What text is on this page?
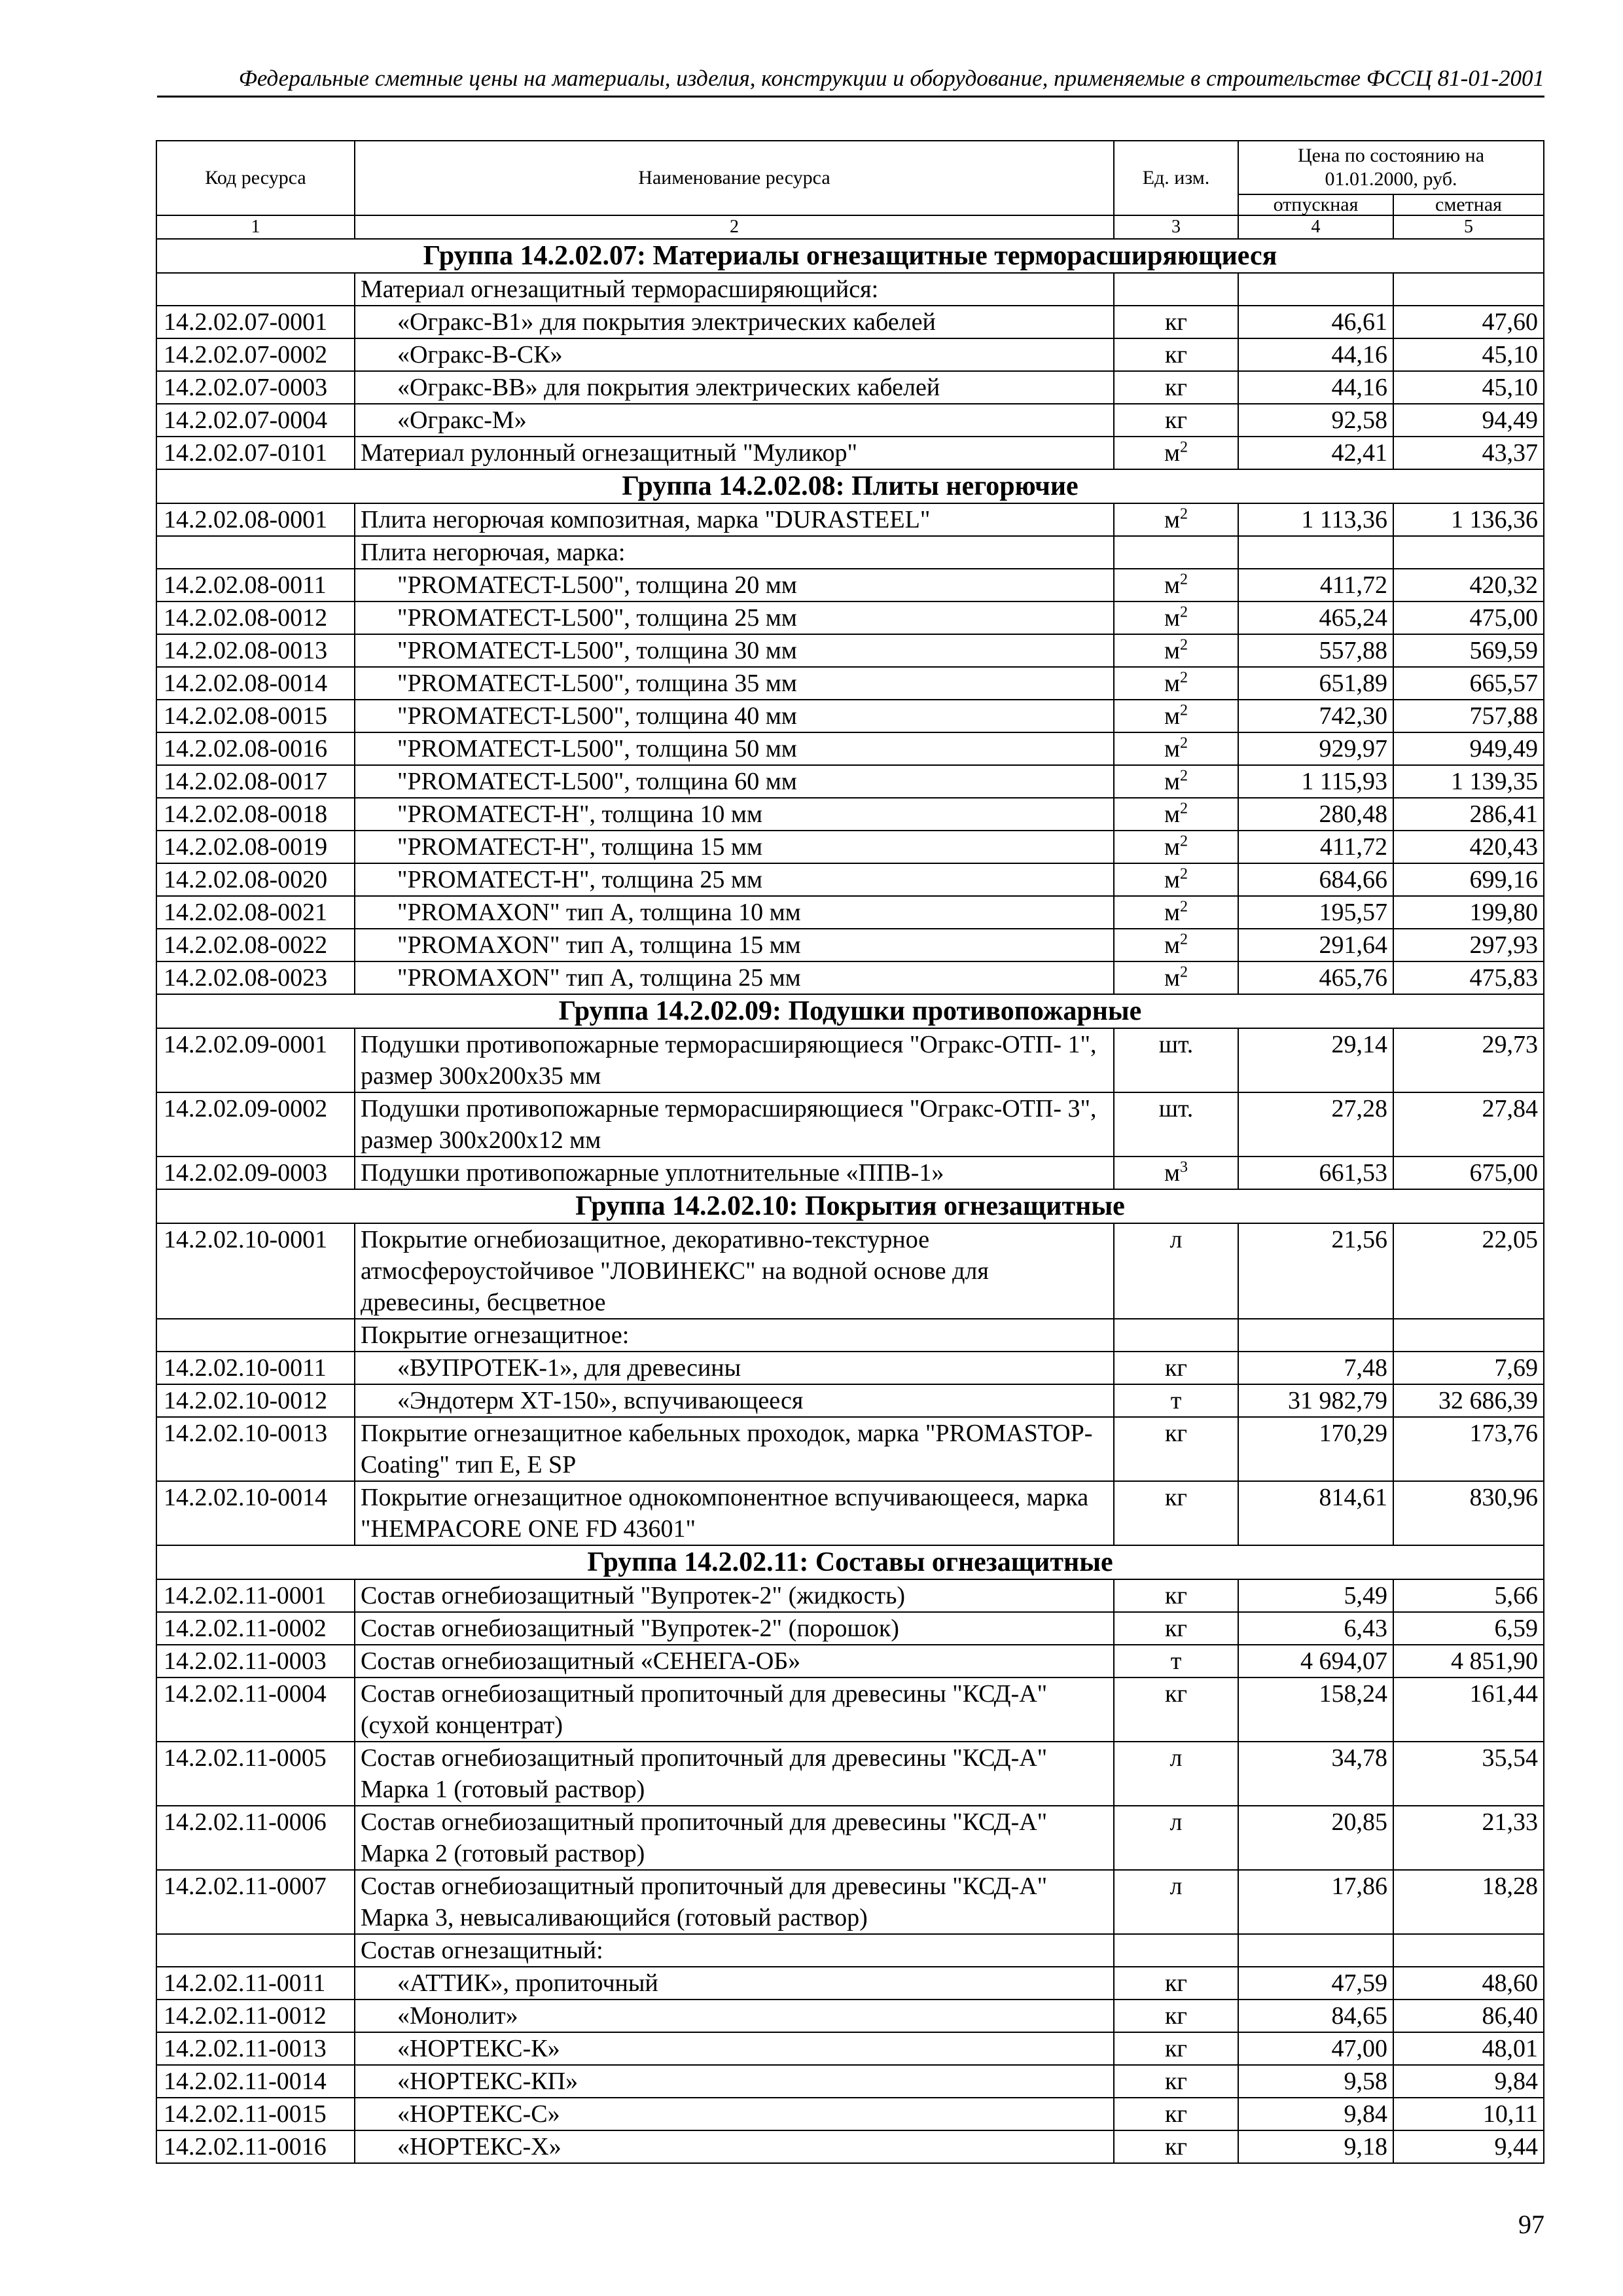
Федеральные сметные цены на материалы, изделия, конструкции и оборудование, применяемые в строительстве ФССЦ 81-01-2001
Код ресурса	Наименование ресурса	Ед. изм.	Цена по состоянию на 01.01.2000, руб.	
			отпускная	сметная
1	2	3	4	5
Группа 14.2.02.07: Материалы огнезащитные терморасширяющиеся				
	Материал огнезащитный терморасширяющийся:			
14.2.02.07-0001	«Огракс-В1» для покрытия электрических кабелей	кг	46,61	47,60
14.2.02.07-0002	«Огракс-В-СК»	кг	44,16	45,10
14.2.02.07-0003	«Огракс-ВВ» для покрытия электрических кабелей	кг	44,16	45,10
14.2.02.07-0004	«Огракс-М»	кг	92,58	94,49
14.2.02.07-0101	Материал рулонный огнезащитный "Муликор"	$м^2$	42,41	43,37
Группа 14.2.02.08: Плиты негорючие				
14.2.02.08-0001	Плита негорючая композитная, марка "DURASTEEL"	$м^2$	1 113,36	1 136,36
	Плита негорючая, марка:			
14.2.02.08-0011	"PROMATECT-L500", толщина 20 мм	$м^2$	411,72	420,32
14.2.02.08-0012	"PROMATECT-L500", толщина 25 мм	$м^2$	465,24	475,00
14.2.02.08-0013	"PROMATECT-L500", толщина 30 мм	$м^2$	557,88	569,59
14.2.02.08-0014	"PROMATECT-L500", толщина 35 мм	$м^2$	651,89	665,57
14.2.02.08-0015	"PROMATECT-L500", толщина 40 мм	$м^2$	742,30	757,88
14.2.02.08-0016	"PROMATECT-L500", толщина 50 мм	$м^2$	929,97	949,49
14.2.02.08-0017	"PROMATECT-L500", толщина 60 мм	$м^2$	1 115,93	1 139,35
14.2.02.08-0018	"PROMATECT-H", толщина 10 мм	$м^2$	280,48	286,41
14.2.02.08-0019	"PROMATECT-H", толщина 15 мм	$м^2$	411,72	420,43
14.2.02.08-0020	"PROMATECT-H", толщина 25 мм	$м^2$	684,66	699,16
14.2.02.08-0021	"PROMAXON" тип А, толщина 10 мм	$м^2$	195,57	199,80
14.2.02.08-0022	"PROMAXON" тип А, толщина 15 мм	$м^2$	291,64	297,93
14.2.02.08-0023	"PROMAXON" тип А, толщина 25 мм	$м^2$	465,76	475,83
Группа 14.2.02.09: Подушки противопожарные				
14.2.02.09-0001	Подушки противопожарные терморасширяющиеся "Огракс-ОТП- 1", размер 300х200х35 мм	шт.	29,14	29,73
14.2.02.09-0002	Подушки противопожарные терморасширяющиеся "Огракс-ОТП- 3", размер 300х200х12 мм	шт.	27,28	27,84
14.2.02.09-0003	Подушки противопожарные уплотнительные «ППВ-1»	$м^3$	661,53	675,00
Группа 14.2.02.10: Покрытия огнезащитные				
14.2.02.10-0001	Покрытие огнебиозащитное, декоративно-текстурное атмосфероустойчивое "ЛОВИНЕКС" на водной основе для древесины, бесцветное	л	21,56	22,05
	Покрытие огнезащитное:			
14.2.02.10-0011	«ВУПРОТЕК-1», для древесины	кг	7,48	7,69
14.2.02.10-0012	«Эндотерм ХТ-150», вспучивающееся	т	31 982,79	32 686,39
14.2.02.10-0013	Покрытие огнезащитное кабельных проходок, марка "PROMASTOP-Coating" тип E, E SP	кг	170,29	173,76
14.2.02.10-0014	Покрытие огнезащитное однокомпонентное вспучивающееся, марка "HEMPACORE ONE FD 43601"	кг	814,61	830,96
Группа 14.2.02.11: Составы огнезащитные				
14.2.02.11-0001	Состав огнебиозащитный "Вупротек-2" (жидкость)	кг	5,49	5,66
14.2.02.11-0002	Состав огнебиозащитный "Вупротек-2" (порошок)	кг	6,43	6,59
14.2.02.11-0003	Состав огнебиозащитный «СЕНЕГА-ОБ»	т	4 694,07	4 851,90
14.2.02.11-0004	Состав огнебиозащитный пропиточный для древесины "КСД-А" (сухой концентрат)	кг	158,24	161,44
14.2.02.11-0005	Состав огнебиозащитный пропиточный для древесины "КСД-А" Марка 1 (готовый раствор)	л	34,78	35,54
14.2.02.11-0006	Состав огнебиозащитный пропиточный для древесины "КСД-А" Марка 2 (готовый раствор)	л	20,85	21,33
14.2.02.11-0007	Состав огнебиозащитный пропиточный для древесины "КСД-А" Марка 3, невысаливающийся (готовый раствор)	л	17,86	18,28
	Состав огнезащитный:			
14.2.02.11-0011	«АТТИК», пропиточный	кг	47,59	48,60
14.2.02.11-0012	«Монолит»	кг	84,65	86,40
14.2.02.11-0013	«НОРТЕКС-К»	кг	47,00	48,01
14.2.02.11-0014	«НОРТЕКС-КП»	кг	9,58	9,84
14.2.02.11-0015	«НОРТЕКС-С»	кг	9,84	10,11
14.2.02.11-0016	«НОРТЕКС-Х»	кг	9,18	9,44
97
